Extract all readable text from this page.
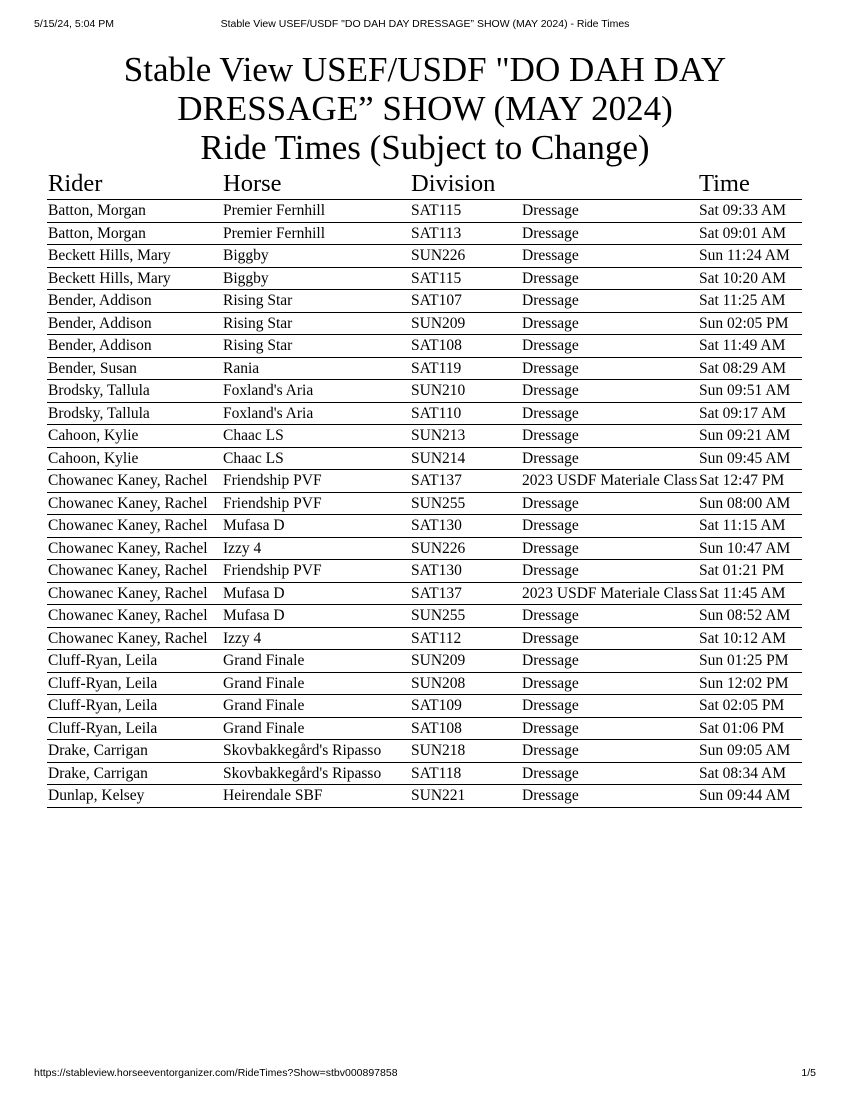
5/15/24, 5:04 PM	Stable View USEF/USDF "DO DAH DAY DRESSAGE” SHOW (MAY 2024) - Ride Times
Stable View USEF/USDF "DO DAH DAY
DRESSAGE” SHOW (MAY 2024)
Ride Times (Subject to Change)
Rider	Horse	Division		Time
Batton, Morgan	Premier Fernhill	SAT115	Dressage	Sat 09:33 AM
Batton, Morgan	Premier Fernhill	SAT113	Dressage	Sat 09:01 AM
Beckett Hills, Mary	Biggby	SUN226	Dressage	Sun 11:24 AM
Beckett Hills, Mary	Biggby	SAT115	Dressage	Sat 10:20 AM
Bender, Addison	Rising Star	SAT107	Dressage	Sat 11:25 AM
Bender, Addison	Rising Star	SUN209	Dressage	Sun 02:05 PM
Bender, Addison	Rising Star	SAT108	Dressage	Sat 11:49 AM
Bender, Susan	Rania	SAT119	Dressage	Sat 08:29 AM
Brodsky, Tallula	Foxland's Aria	SUN210	Dressage	Sun 09:51 AM
Brodsky, Tallula	Foxland's Aria	SAT110	Dressage	Sat 09:17 AM
Cahoon, Kylie	Chaac LS	SUN213	Dressage	Sun 09:21 AM
Cahoon, Kylie	Chaac LS	SUN214	Dressage	Sun 09:45 AM
Chowanec Kaney, Rachel	Friendship PVF	SAT137	2023 USDF Materiale Class	Sat 12:47 PM
Chowanec Kaney, Rachel	Friendship PVF	SUN255	Dressage	Sun 08:00 AM
Chowanec Kaney, Rachel	Mufasa D	SAT130	Dressage	Sat 11:15 AM
Chowanec Kaney, Rachel	Izzy 4	SUN226	Dressage	Sun 10:47 AM
Chowanec Kaney, Rachel	Friendship PVF	SAT130	Dressage	Sat 01:21 PM
Chowanec Kaney, Rachel	Mufasa D	SAT137	2023 USDF Materiale Class	Sat 11:45 AM
Chowanec Kaney, Rachel	Mufasa D	SUN255	Dressage	Sun 08:52 AM
Chowanec Kaney, Rachel	Izzy 4	SAT112	Dressage	Sat 10:12 AM
Cluff-Ryan, Leila	Grand Finale	SUN209	Dressage	Sun 01:25 PM
Cluff-Ryan, Leila	Grand Finale	SUN208	Dressage	Sun 12:02 PM
Cluff-Ryan, Leila	Grand Finale	SAT109	Dressage	Sat 02:05 PM
Cluff-Ryan, Leila	Grand Finale	SAT108	Dressage	Sat 01:06 PM
Drake, Carrigan	Skovbakkegård's Ripasso	SUN218	Dressage	Sun 09:05 AM
Drake, Carrigan	Skovbakkegård's Ripasso	SAT118	Dressage	Sat 08:34 AM
Dunlap, Kelsey	Heirendale SBF	SUN221	Dressage	Sun 09:44 AM
https://stableview.horseeventorganizer.com/RideTimes?Show=stbv000897858	1/5
